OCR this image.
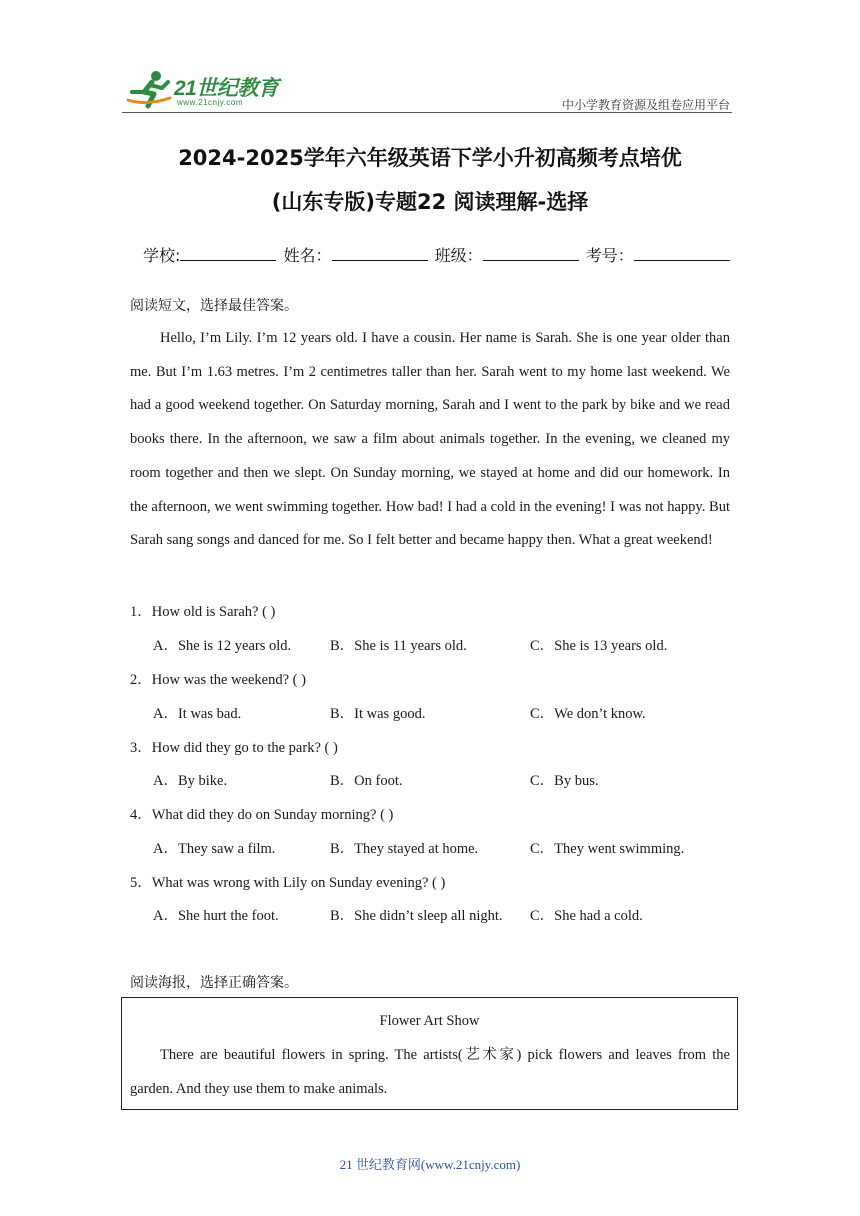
21世纪教育
www.21cnjy.com	中小学教育资源及组卷应用平台
2024-2025学年六年级英语下学小升初高频考点培优
(山东专版)专题22 阅读理解-选择
学校:	姓名：	班级：	考号：
阅读短文，选择最佳答案。

Hello, I’m Lily. I’m 12 years old. I have a cousin. Her name is Sarah. She is one year older than me. But I’m 1.63 metres. I’m 2 centimetres taller than her. Sarah went to my home last weekend. We had a good weekend together. On Saturday morning, Sarah and I went to the park by bike and we read books there. In the afternoon, we saw a film about animals together. In the evening, we cleaned my room together and then we slept. On Sunday morning, we stayed at home and did our homework. In the afternoon, we went swimming together. How bad! I had a cold in the evening! I was not happy. But Sarah sang songs and danced for me. So I felt better and became happy then. What a great weekend!

1．How old is Sarah? ( )
A．She is 12 years old.	B．She is 11 years old.	C．She is 13 years old.
2．How was the weekend? ( )
A．It was bad.	B．It was good.	C．We don’t know.
3．How did they go to the park? ( )
A．By bike.	B．On foot.	C．By bus.
4．What did they do on Sunday morning? ( )
A．They saw a film.	B．They stayed at home.	C．They went swimming.
5．What was wrong with Lily on Sunday evening? ( )
A．She hurt the foot.	B．She didn’t sleep all night. C．She had a cold.
阅读海报，选择正确答案。
Flower Art Show

There are beautiful flowers in spring. The artists(艺术家) pick flowers and leaves from the garden. And they use them to make animals.

21 世纪教育网(www.21cnjy.com)
